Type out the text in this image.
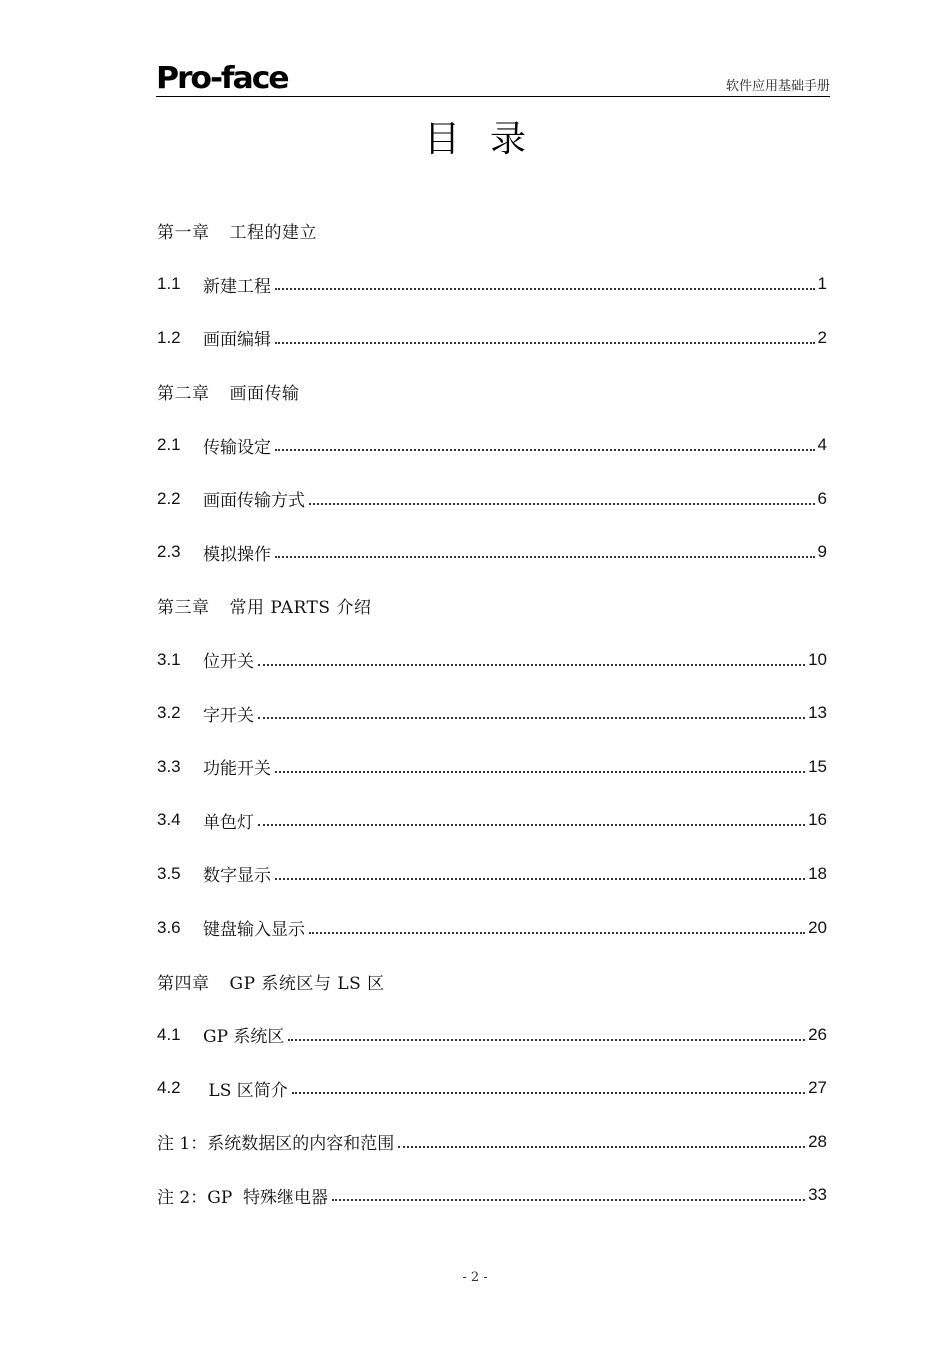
Pro-face	软件应用基础手册
目录
第一章 工程的建立
1.1	新建工程	1
1.2	画面编辑	2
第二章 画面传输
2.1	传输设定	4
2.2	画面传输方式	6
2.3	模拟操作	9
第三章 常用 PARTS 介绍
3.1	位开关	10
3.2	字开关	13
3.3	功能开关	15
3.4	单色灯	16
3.5	数字显示	18
3.6	键盘输入显示	20
第四章 GP 系统区与 LS 区
4.1	GP 系统区	26
4.2	LS 区简介	27
注 1： 系统数据区的内容和范围	28
注 2： GP  特殊继电器	33
- 2 -
